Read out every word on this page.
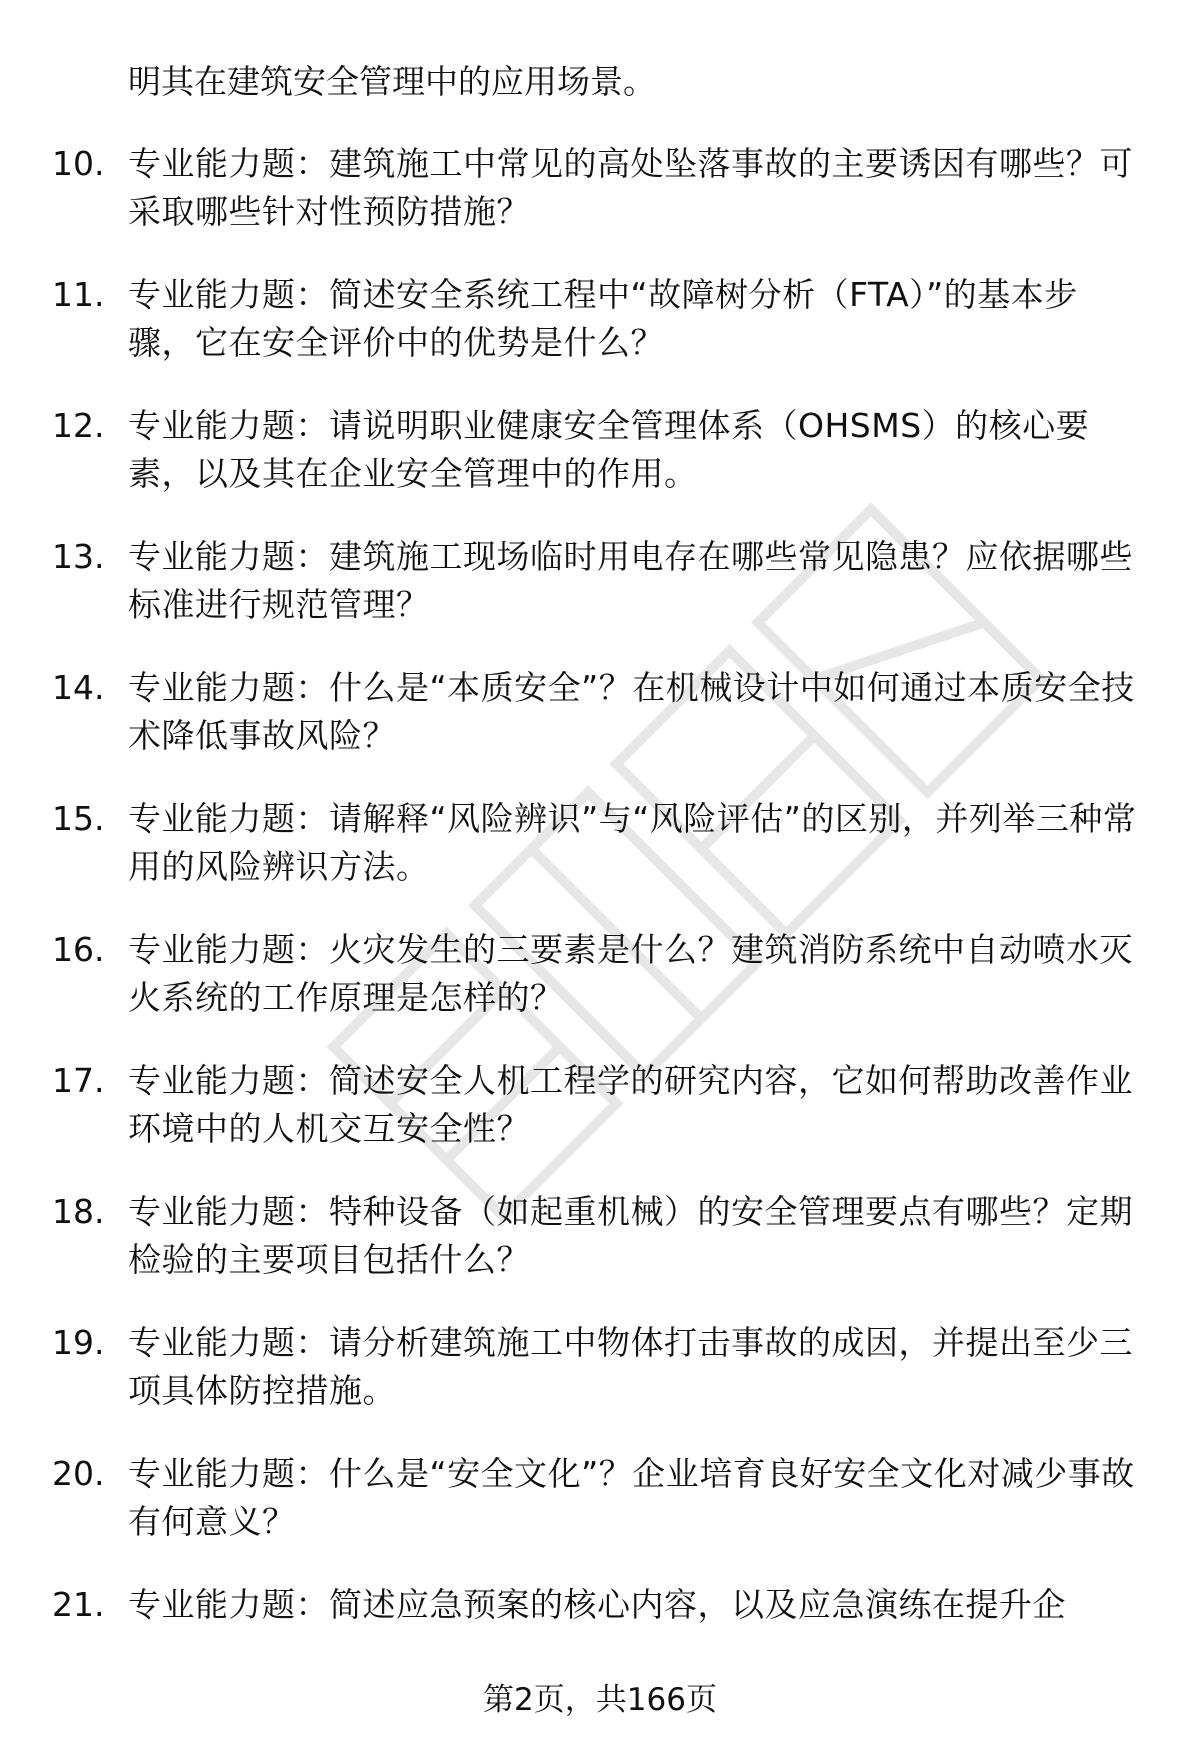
明其在建筑安全管理中的应用场景。
10. 专业能力题：建筑施工中常见的高处坠落事故的主要诱因有哪些？可采取哪些针对性预防措施？
11. 专业能力题：简述安全系统工程中“故障树分析（FTA）”的基本步骤，它在安全评价中的优势是什么？
12. 专业能力题：请说明职业健康安全管理体系（OHSMS）的核心要素，以及其在企业安全管理中的作用。
13. 专业能力题：建筑施工现场临时用电存在哪些常见隐患？应依据哪些标准进行规范管理？
14. 专业能力题：什么是“本质安全”？在机械设计中如何通过本质安全技术降低事故风险？
15. 专业能力题：请解释“风险辨识”与“风险评估”的区别，并列举三种常用的风险辨识方法。
16. 专业能力题：火灾发生的三要素是什么？建筑消防系统中自动喷水灭火系统的工作原理是怎样的？
17. 专业能力题：简述安全人机工程学的研究内容，它如何帮助改善作业环境中的人机交互安全性？
18. 专业能力题：特种设备（如起重机械）的安全管理要点有哪些？定期检验的主要项目包括什么？
19. 专业能力题：请分析建筑施工中物体打击事故的成因，并提出至少三项具体防控措施。
20. 专业能力题：什么是“安全文化”？企业培育良好安全文化对减少事故有何意义？
21. 专业能力题：简述应急预案的核心内容，以及应急演练在提升企
第2页，共166页
